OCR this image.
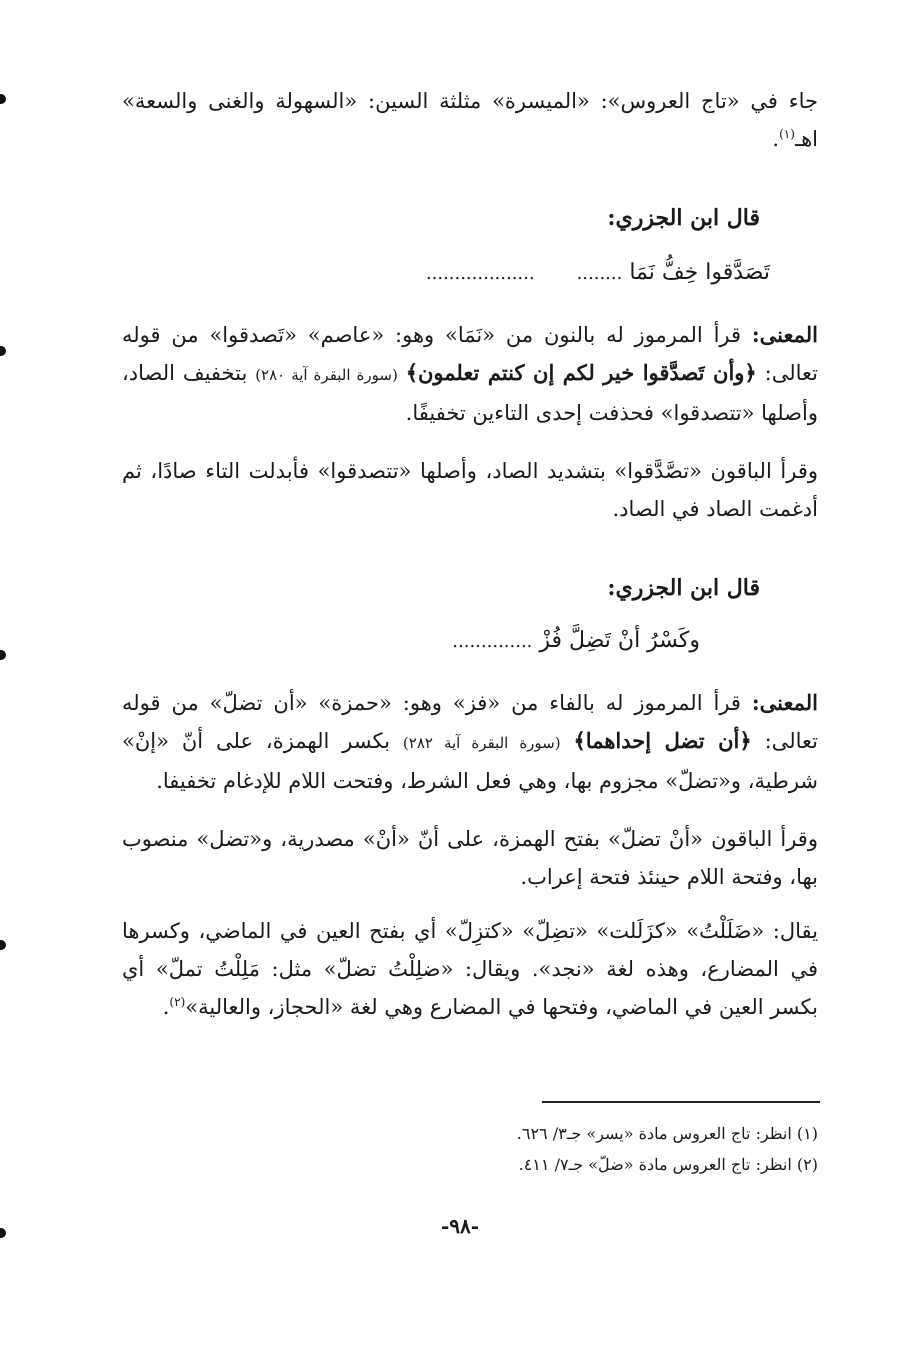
جاء في «تاج العروس»: «الميسرة» مثلثة السين: «السهولة والغنى والسعة» اهـ$^{(١)}$.
قال ابن الجزري:
تَصَدَّقوا خِفُّ نَمَا ........      ...................
المعنى: قرأ المرموز له بالنون من «نَمَا» وهو: «عاصم» «تَصدقوا» من قوله تعالى: ﴿وأن تَصدَّقوا خير لكم إن كنتم تعلمون﴾ (سورة البقرة آية ٢٨٠) بتخفيف الصاد، وأصلها «تتصدقوا» فحذفت إحدى التاءين تخفيفًا.
وقرأ الباقون «تصَّدَّقوا» بتشديد الصاد، وأصلها «تتصدقوا» فأبدلت التاء صادًا، ثم أدغمت الصاد في الصاد.
قال ابن الجزري:
وكَسْرُ أنْ تَضِلَّ فُزْ ..............
المعنى: قرأ المرموز له بالفاء من «فز» وهو: «حمزة» «أن تضلّ» من قوله تعالى: ﴿أن تضل إحداهما﴾ (سورة البقرة آية ٢٨٢) بكسر الهمزة، على أنّ «إنْ» شرطية، و«تضلّ» مجزوم بها، وهي فعل الشرط، وفتحت اللام للإدغام تخفيفا.
وقرأ الباقون «أنْ تضلّ» بفتح الهمزة، على أنّ «أنْ» مصدرية، و«تضل» منصوب بها، وفتحة اللام حينئذ فتحة إعراب.
يقال: «ضَلَلْتُ» «كزَلَلت» «تضِلّ» «كتزِلّ» أي بفتح العين في الماضي، وكسرها في المضارع، وهذه لغة «نجد». ويقال: «ضلِلْتُ تضلّ» مثل: مَلِلْتُ تملّ» أي بكسر العين في الماضي، وفتحها في المضارع وهي لغة «الحجاز، والعالية»$^{(٢)}$.
(١) انظر: تاج العروس مادة «يسر» جـ٣/ ٦٢٦.
(٢) انظر: تاج العروس مادة «ضلّ» جـ٧/ ٤١١.
-٩٨-
